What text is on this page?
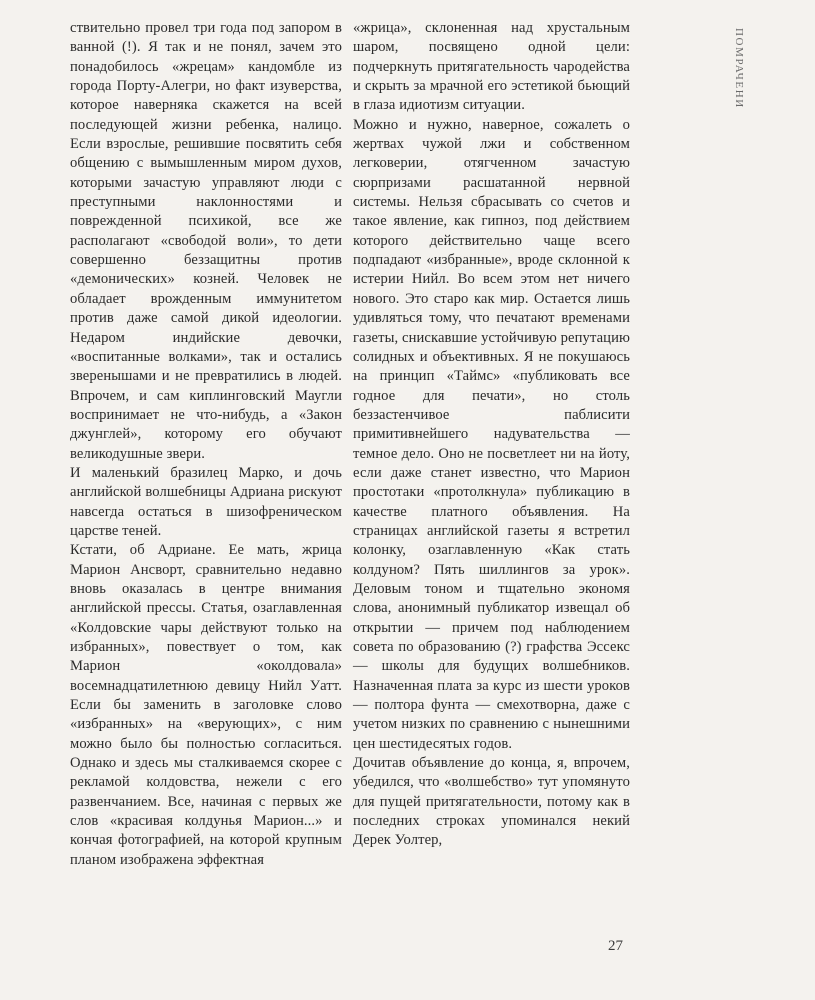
ствительно провел три года под запором в ванной (!). Я так и не понял, зачем это понадобилось «жрецам» кандомбле из города Порту-Алегри, но факт изуверства, которое наверняка скажется на всей последующей жизни ребенка, налицо. Если взрослые, решившие посвятить себя общению с вымышленным миром духов, которыми зачастую управляют люди с преступными наклонностями и поврежденной психикой, все же располагают «свободой воли», то дети совершенно беззащитны против «демонических» козней. Человек не обладает врожденным иммунитетом против даже самой дикой идеологии. Недаром индийские девочки, «воспитанные волками», так и остались зверенышами и не превратились в людей. Впрочем, и сам киплинговский Маугли воспринимает не что-нибудь, а «Закон джунглей», которому его обучают великодушные звери.

И маленький бразилец Марко, и дочь английской волшебницы Адриана рискуют навсегда остаться в шизофреническом царстве теней.

Кстати, об Адриане. Ее мать, жрица Марион Ансворт, сравнительно недавно вновь оказалась в центре внимания английской прессы. Статья, озаглавленная «Колдовские чары действуют только на избранных», повествует о том, как Марион «околдовала» восемнадцатилетнюю девицу Нийл Уатт. Если бы заменить в заголовке слово «избранных» на «верующих», с ним можно было бы полностью согласиться. Однако и здесь мы сталкиваемся скорее с рекламой колдовства, нежели с его развенчанием. Все, начиная с первых же слов «красивая колдунья Марион...» и кончая фотографией, на которой крупным планом изображена эффектная

«жрица», склоненная над хрустальным шаром, посвящено одной цели: подчеркнуть притягательность чародейства и скрыть за мрачной его эстетикой бьющий в глаза идиотизм ситуации.

Можно и нужно, наверное, сожалеть о жертвах чужой лжи и собственном легковерии, отягченном зачастую сюрпризами расшатанной нервной системы. Нельзя сбрасывать со счетов и такое явление, как гипноз, под действием которого действительно чаще всего подпадают «избранные», вроде склонной к истерии Нийл. Во всем этом нет ничего нового. Это старо как мир. Остается лишь удивляться тому, что печатают временами газеты, снискавшие устойчивую репутацию солидных и объективных. Я не покушаюсь на принцип «Таймс» «публиковать все годное для печати», но столь беззастенчивое паблисити примитивнейшего надувательства — темное дело. Оно не посветлеет ни на йоту, если даже станет известно, что Марион простотаки «протолкнула» публикацию в качестве платного объявления. На страницах английской газеты я встретил колонку, озаглавленную «Как стать колдуном? Пять шиллингов за урок». Деловым тоном и тщательно экономя слова, анонимный публикатор извещал об открытии — причем под наблюдением совета по образованию (?) графства Эссекс — школы для будущих волшебников. Назначенная плата за курс из шести уроков — полтора фунта — смехотворна, даже с учетом низких по сравнению с нынешними цен шестидесятых годов.

Дочитав объявление до конца, я, впрочем, убедился, что «волшебство» тут упомянуто для пущей притягательности, потому как в последних строках упоминался некий Дерек Уолтер,

ПОМРАЧЕНИ
27
